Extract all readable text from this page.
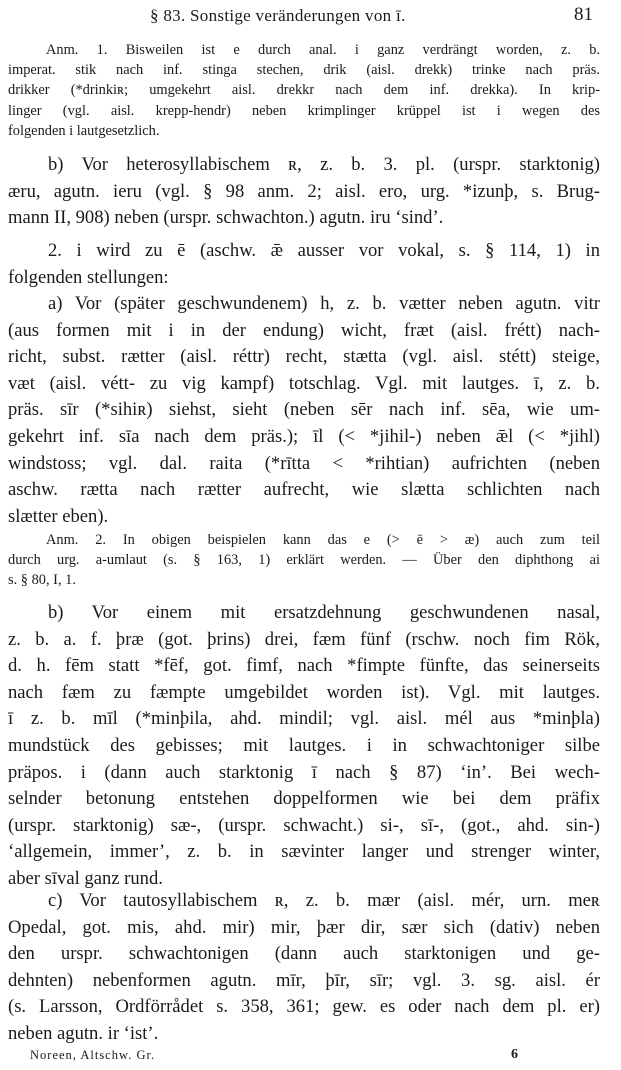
§ 83. Sonstige veränderungen von ī.	81
Anm. 1. Bisweilen ist e durch anal. i ganz verdrängt worden, z. b.
imperat. stik nach inf. stinga stechen, drik (aisl. drekk) trinke nach präs.
drikker (*drinkiʀ; umgekehrt aisl. drekkr nach dem inf. drekka). In krip-
linger (vgl. aisl. krepp-hendr) neben krimplinger krüppel ist i wegen des
folgenden i lautgesetzlich.
b) Vor heterosyllabischem ʀ, z. b. 3. pl. (urspr. starktonig)
æru, agutn. ieru (vgl. § 98 anm. 2; aisl. ero, urg. *izunþ, s. Brug-
mann II, 908) neben (urspr. schwachton.) agutn. iru ‘sind’.
2. i wird zu ē (aschw. ǣ ausser vor vokal, s. § 114, 1) in
folgenden stellungen:
a) Vor (später geschwundenem) h, z. b. vætter neben agutn. vitr
(aus formen mit i in der endung) wicht, fræt (aisl. frétt) nach-
richt, subst. rætter (aisl. réttr) recht, stætta (vgl. aisl. stétt) steige,
væt (aisl. vétt- zu vig kampf) totschlag. Vgl. mit lautges. ī, z. b.
präs. sīr (*sihiʀ) siehst, sieht (neben sēr nach inf. sēa, wie um-
gekehrt inf. sīa nach dem präs.); īl (< *jihil-) neben ǣl (< *jihl)
windstoss; vgl. dal. raita (*rītta < *rihtian) aufrichten (neben
aschw. rætta nach rætter aufrecht, wie slætta schlichten nach
slætter eben).
Anm. 2. In obigen beispielen kann das e (> ē > æ) auch zum teil
durch urg. a-umlaut (s. § 163, 1) erklärt werden. — Über den diphthong ai
s. § 80, I, 1.
b) Vor einem mit ersatzdehnung geschwundenen nasal,
z. b. a. f. þræ (got. þrins) drei, fæm fünf (rschw. noch fim Rök,
d. h. fēm statt *fēf, got. fimf, nach *fimpte fünfte, das seinerseits
nach fæm zu fæmpte umgebildet worden ist). Vgl. mit lautges.
ī z. b. mīl (*minþila, ahd. mindil; vgl. aisl. mél aus *minþla)
mundstück des gebisses; mit lautges. i in schwachtoniger silbe
präpos. i (dann auch starktonig ī nach § 87) ‘in’. Bei wech-
selnder betonung entstehen doppelformen wie bei dem präfix
(urspr. starktonig) sæ-, (urspr. schwacht.) si-, sī-, (got., ahd. sin-)
‘allgemein, immer’, z. b. in sævinter langer und strenger winter,
aber sīval ganz rund.
c) Vor tautosyllabischem ʀ, z. b. mær (aisl. mér, urn. meʀ
Opedal, got. mis, ahd. mir) mir, þær dir, sær sich (dativ) neben
den urspr. schwachtonigen (dann auch starktonigen und ge-
dehnten) nebenformen agutn. mīr, þīr, sīr; vgl. 3. sg. aisl. ér
(s. Larsson, Ordförrådet s. 358, 361; gew. es oder nach dem pl. er)
neben agutn. ir ‘ist’.
Noreen, Altschw. Gr.	6
